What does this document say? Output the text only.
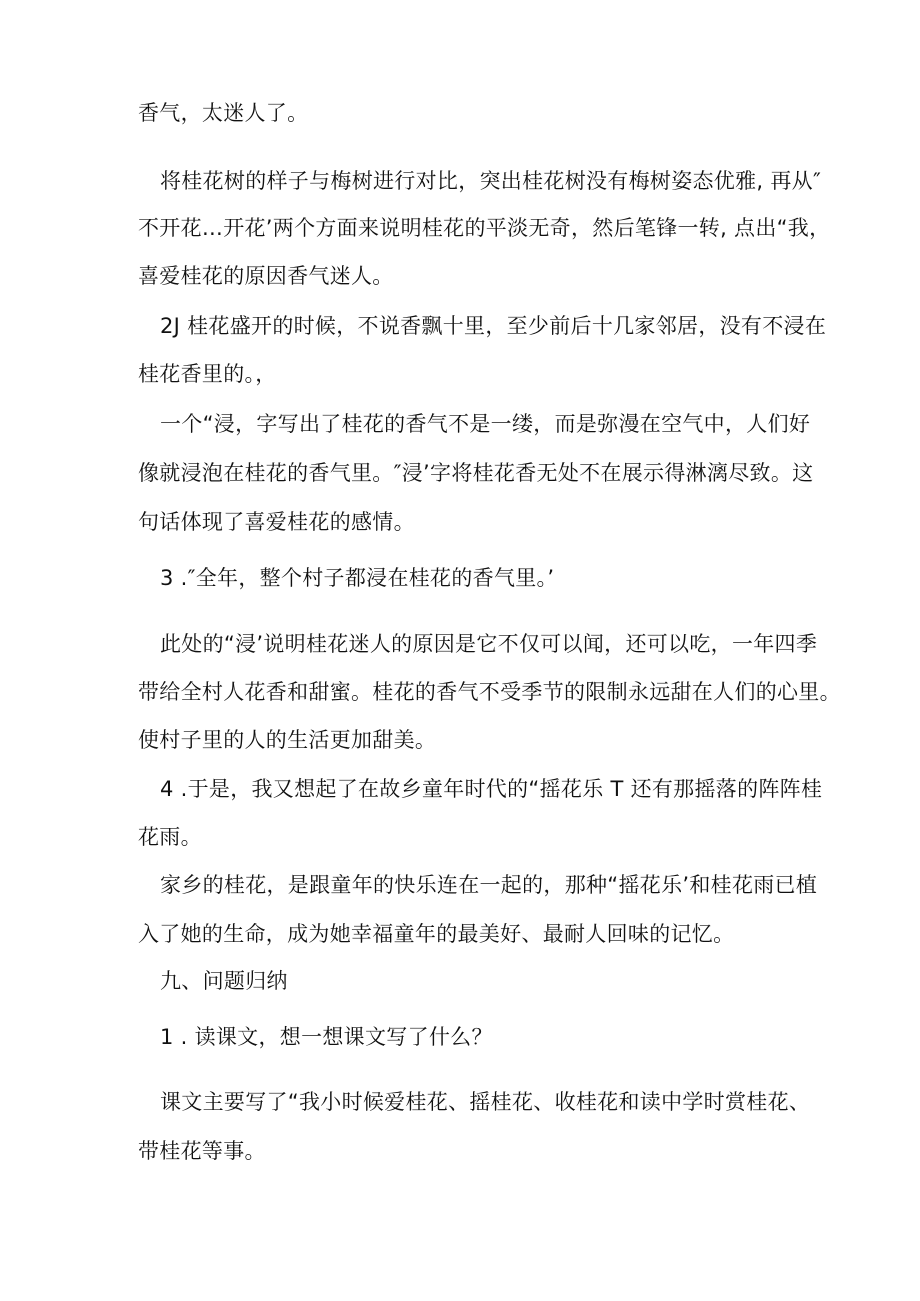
香气，太迷人了。
将桂花树的样子与梅树进行对比，突出桂花树没有梅树姿态优雅, 再从″
不开花…开花’两个方面来说明桂花的平淡无奇，然后笔锋一转, 点出“我，
喜爱桂花的原因香气迷人。
2J 桂花盛开的时候，不说香飘十里，至少前后十几家邻居，没有不浸在
桂花香里的。，
一个“浸，字写出了桂花的香气不是一缕，而是弥漫在空气中，人们好
像就浸泡在桂花的香气里。″浸’字将桂花香无处不在展示得淋漓尽致。这
句话体现了喜爱桂花的感情。
3 .″全年，整个村子都浸在桂花的香气里。’
此处的“浸’说明桂花迷人的原因是它不仅可以闻，还可以吃，一年四季
带给全村人花香和甜蜜。桂花的香气不受季节的限制永远甜在人们的心里。
使村子里的人的生活更加甜美。
4 .于是，我又想起了在故乡童年时代的“摇花乐 T 还有那摇落的阵阵桂
花雨。
家乡的桂花，是跟童年的快乐连在一起的，那种“摇花乐’和桂花雨已植
入了她的生命，成为她幸福童年的最美好、最耐人回味的记忆。
九、问题归纳
1 . 读课文，想一想课文写了什么？
课文主要写了“我小时候爱桂花、摇桂花、收桂花和读中学时赏桂花、
带桂花等事。
